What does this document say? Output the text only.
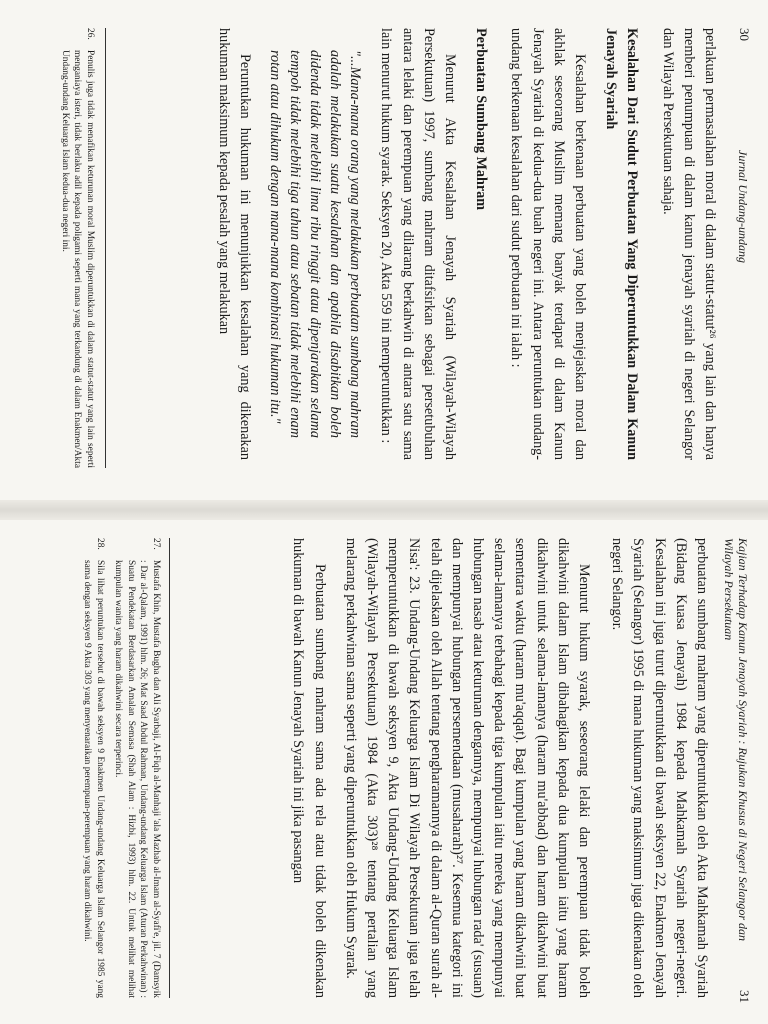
30
Jurnal Undang-undang

perlakuan permasalahan moral di dalam statut-statut²⁶ yang lain dan hanya memberi penumpuan di dalam kanun jenayah syariah di negeri Selangor dan Wilayah Persekutuan sahaja.

Kesalahan Dari Sudut Perbuatan Yang Diperuntukkan Dalam Kanun Jenayah Syariah

Kesalahan berkenaan perbuatan yang boleh menjejaskan moral dan akhlak seseorang Muslim memang banyak terdapat di dalam Kanun Jenayah Syariah di kedua-dua buah negeri ini. Antara peruntukan undang-undang berkenaan kesalahan dari sudut perbuatan ini ialah :

Perbuatan Sumbang Mahram

Menurut Akta Kesalahan Jenayah Syariah (Wilayah-Wilayah Persekutuan) 1997, sumbang mahram ditafsirkan sebagai persetubuhan antara lelaki dan perempuan yang dilarang berkahwin di antara satu sama lain menurut hukum syarak. Seksyen 20, Akta 559 ini memperuntukkan :

"...Mana-mana orang yang melakukan perbuatan sumbang mahram adalah melakukan suatu kesalahan dan apabila disabitkan boleh didenda tidak melebihi lima ribu ringgit atau dipenjarakan selama tempoh tidak melebihi tiga tahun atau sebatan tidak melebihi enam rotan atau dihukum dengan mana-mana kombinasi hukuman itu."

Peruntukan hukuman ini menunjukkan kesalahan yang dikenakan hukuman maksimum kepada pesalah yang melakukan

26.
Penulis juga tidak menafikan keturunan moral Muslim diperuntukkan di dalam statut-statut yang lain seperti menganiaya isteri, tidak berlaku adil kepada poligami seperti mana yang terkandung di dalam Enakmen/Akta Undang-undang Keluarga Islam kedua-dua negeri ini.
Kajian Terhadap Kanun Jenayah Syariah : Rujukan Khusus di Negeri Selangor dan Wilayah Persekutuan
31

perbuatan sumbang mahram yang diperuntukkan oleh Akta Mahkamah Syariah (Bidang Kuasa Jenayah) 1984 kepada Mahkamah Syariah negeri-negeri. Kesalahan ini juga turut diperuntukkan di bawah seksyen 22, Enakmen Jenayah Syariah (Selangor) 1995 di mana hukuman yang maksimum juga dikenakan oleh negeri Selangor.

Menurut hukum syarak, seseorang lelaki dan perempuan tidak boleh dikahwini dalam Islam dibahagikan kepada dua kumpulan iaitu yang haram dikahwini untuk selama-lamanya (haram mu'abbad) dan haram dikahwini buat sementara waktu (haram mu'aqqat). Bagi kumpulan yang haram dikahwini buat selama-lamanya terbahagi kepada tiga kumpulan iaitu mereka yang mempunyai hubungan nasab atau keturunan dengannya, mempunyai hubungan rada' (susuan) dan mempunyai hubungan persemendaan (musaharah)²⁷. Kesemua kategori ini telah dijelaskan oleh Allah tentang pengharamannya di dalam al-Quran surah al-Nisa': 23. Undang-Undang Keluarga Islam Di Wilayah Persekutuan juga telah memperuntukkan di bawah seksyen 9, Akta Undang-Undang Keluarga Islam (Wilayah-Wilayah Persekutuan) 1984 (Akta 303)²⁸ tentang pertalian yang melarang perkahwinan sama seperti yang diperuntukkan oleh Hukum Syarak.

Perbuatan sumbang mahram sama ada rela atau tidak boleh dikenakan hukuman di bawah Kanun Jenayah Syariah ini jika pasangan

27.
Mustafa Khin, Mustafa Bugha dan Ali Syarbaji, Al-Fiqh al-Manhaji 'ala Mazhab al-Imam al-Syafi'e, jil. 7 (Damsyik : Dar al-Qalam, 1991) hlm. 26; Mat Saad Abdul Rahman, Undang-undang Keluarga Islam (Aturan Perkahwinan) : Suatu Pendekatan Berdasarkan Amalan Semasa (Shah Alam : Hizbi, 1993) hlm. 22. Untuk melihat melihat kumpulan wanita yang haram dikahwini secara terperinci.
28.
Sila lihat peruntukan tersebut di bawah seksyen 9 Enakmen Undang-undang Keluarga Islam Selangor 1985 yang sama dengan seksyen 9 Akta 303 yang menyenaraikan perempuan-perempuan yang haram dikahwini.
